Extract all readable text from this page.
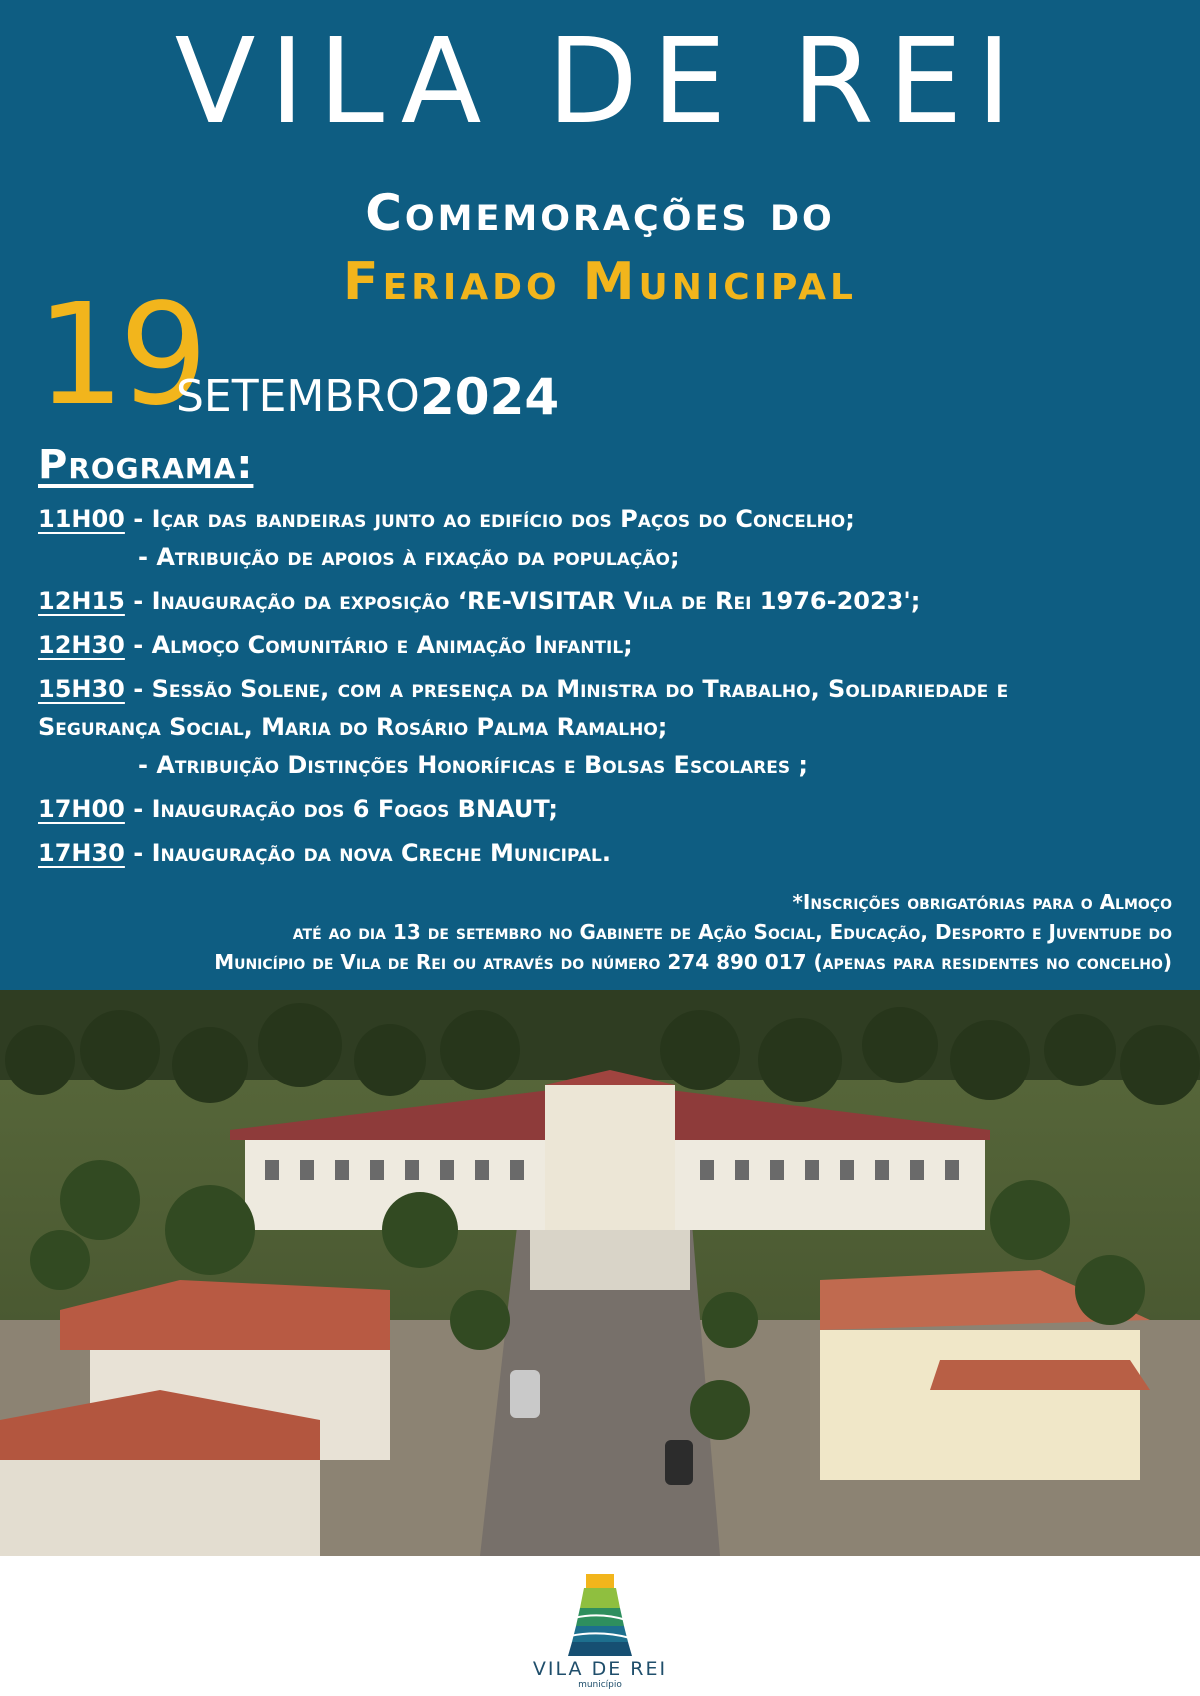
VILA DE REI
Comemorações do
Feriado Municipal
19
SETEMBRO 2024
Programa:
11H00 - Içar das bandeiras junto ao edifício dos Paços do Concelho;
- Atribuição de apoios à fixação da população;
12H15 - Inauguração da exposição ‘RE-VISITAR Vila de Rei 1976-2023';
12H30 - Almoço Comunitário e Animação Infantil;
15H30 - Sessão Solene, com a presença da Ministra do Trabalho, Solidariedade e
Segurança Social, Maria do Rosário Palma Ramalho;
- Atribuição Distinções Honoríficas e Bolsas Escolares ;
17H00 - Inauguração dos 6 Fogos BNAUT;
17H30 - Inauguração da nova Creche Municipal.
*Inscrições obrigatórias para o Almoço
até ao dia 13 de setembro no Gabinete de Ação Social, Educação, Desporto e Juventude do
Município de Vila de Rei ou através do número 274 890 017 (apenas para residentes no concelho)
VILA DE REI
município
